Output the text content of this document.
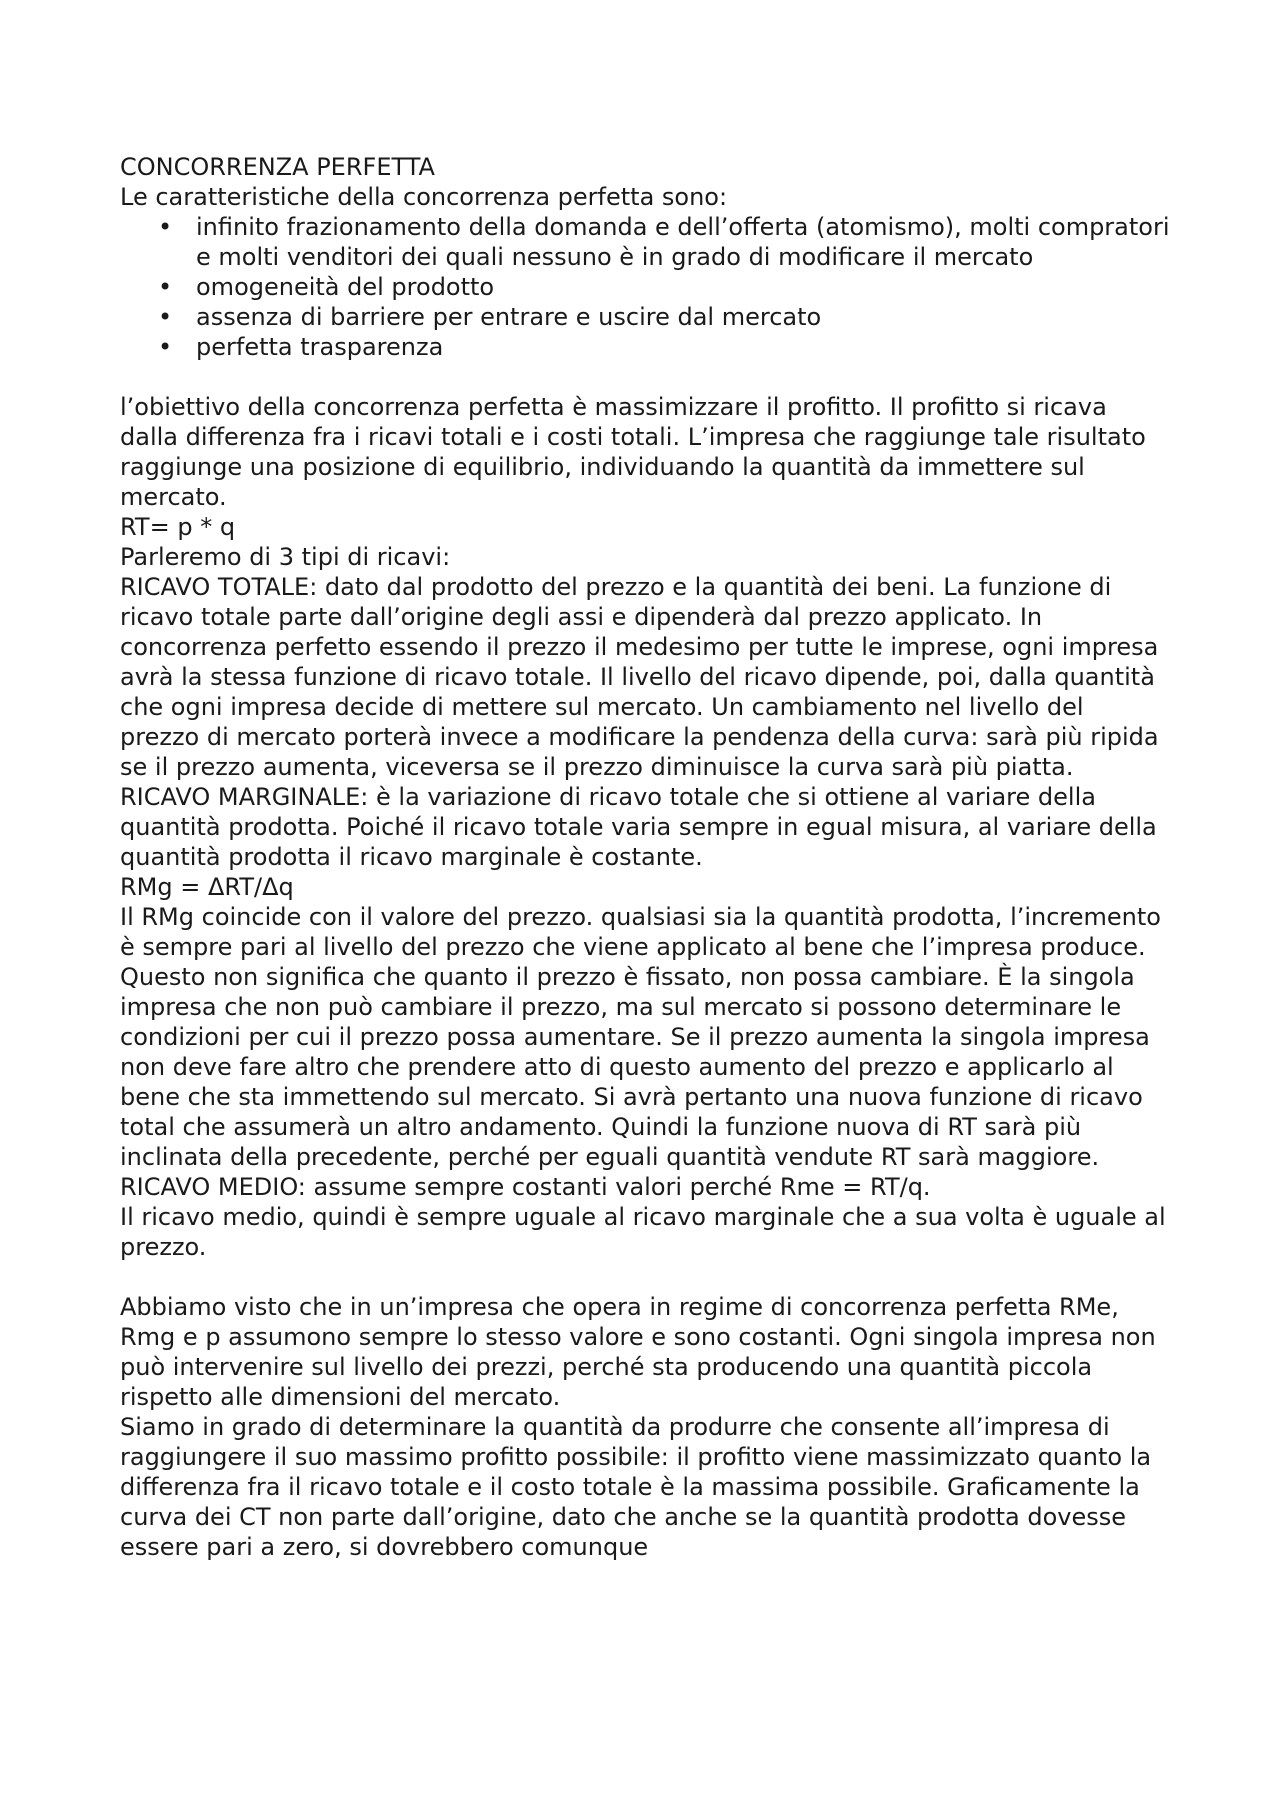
CONCORRENZA PERFETTA

Le caratteristiche della concorrenza perfetta sono:

• infinito frazionamento della domanda e dell’offerta (atomismo), molti compratori e molti venditori dei quali nessuno è in grado di modificare il mercato
• omogeneità del prodotto
• assenza di barriere per entrare e uscire dal mercato
• perfetta trasparenza

l’obiettivo della concorrenza perfetta è massimizzare il profitto. Il profitto si ricava dalla differenza fra i ricavi totali e i costi totali. L’impresa che raggiunge tale risultato raggiunge una posizione di equilibrio, individuando la quantità da immettere sul mercato.

RT= p * q

Parleremo di 3 tipi di ricavi:

RICAVO TOTALE: dato dal prodotto del prezzo e la quantità dei beni. La funzione di ricavo totale parte dall’origine degli assi e dipenderà dal prezzo applicato. In concorrenza perfetto essendo il prezzo il medesimo per tutte le imprese, ogni impresa avrà la stessa funzione di ricavo totale. Il livello del ricavo dipende, poi, dalla quantità che ogni impresa decide di mettere sul mercato. Un cambiamento nel livello del prezzo di mercato porterà invece a modificare la pendenza della curva: sarà più ripida se il prezzo aumenta, viceversa se il prezzo diminuisce la curva sarà più piatta.

RICAVO MARGINALE: è la variazione di ricavo totale che si ottiene al variare della quantità prodotta. Poiché il ricavo totale varia sempre in egual misura, al variare della quantità prodotta il ricavo marginale è costante.

RMg = ΔRT/Δq

Il RMg coincide con il valore del prezzo. qualsiasi sia la quantità prodotta, l’incremento è sempre pari al livello del prezzo che viene applicato al bene che l’impresa produce.

Questo non significa che quanto il prezzo è fissato, non possa cambiare. È la singola impresa che non può cambiare il prezzo, ma sul mercato si possono determinare le condizioni per cui il prezzo possa aumentare. Se il prezzo aumenta la singola impresa non deve fare altro che prendere atto di questo aumento del prezzo e applicarlo al bene che sta immettendo sul mercato. Si avrà pertanto una nuova funzione di ricavo total che assumerà un altro andamento. Quindi la funzione nuova di RT sarà più inclinata della precedente, perché per eguali quantità vendute RT sarà maggiore.

RICAVO MEDIO: assume sempre costanti valori perché Rme = RT/q.

Il ricavo medio, quindi è sempre uguale al ricavo marginale che a sua volta è uguale al prezzo.

Abbiamo visto che in un’impresa che opera in regime di concorrenza perfetta RMe, Rmg e p assumono sempre lo stesso valore e sono costanti. Ogni singola impresa non può intervenire sul livello dei prezzi, perché sta producendo una quantità piccola rispetto alle dimensioni del mercato.

Siamo in grado di determinare la quantità da produrre che consente all’impresa di raggiungere il suo massimo profitto possibile: il profitto viene massimizzato quanto la differenza fra il ricavo totale e il costo totale è la massima possibile. Graficamente la curva dei CT non parte dall’origine, dato che anche se la quantità prodotta dovesse essere pari a zero, si dovrebbero comunque
